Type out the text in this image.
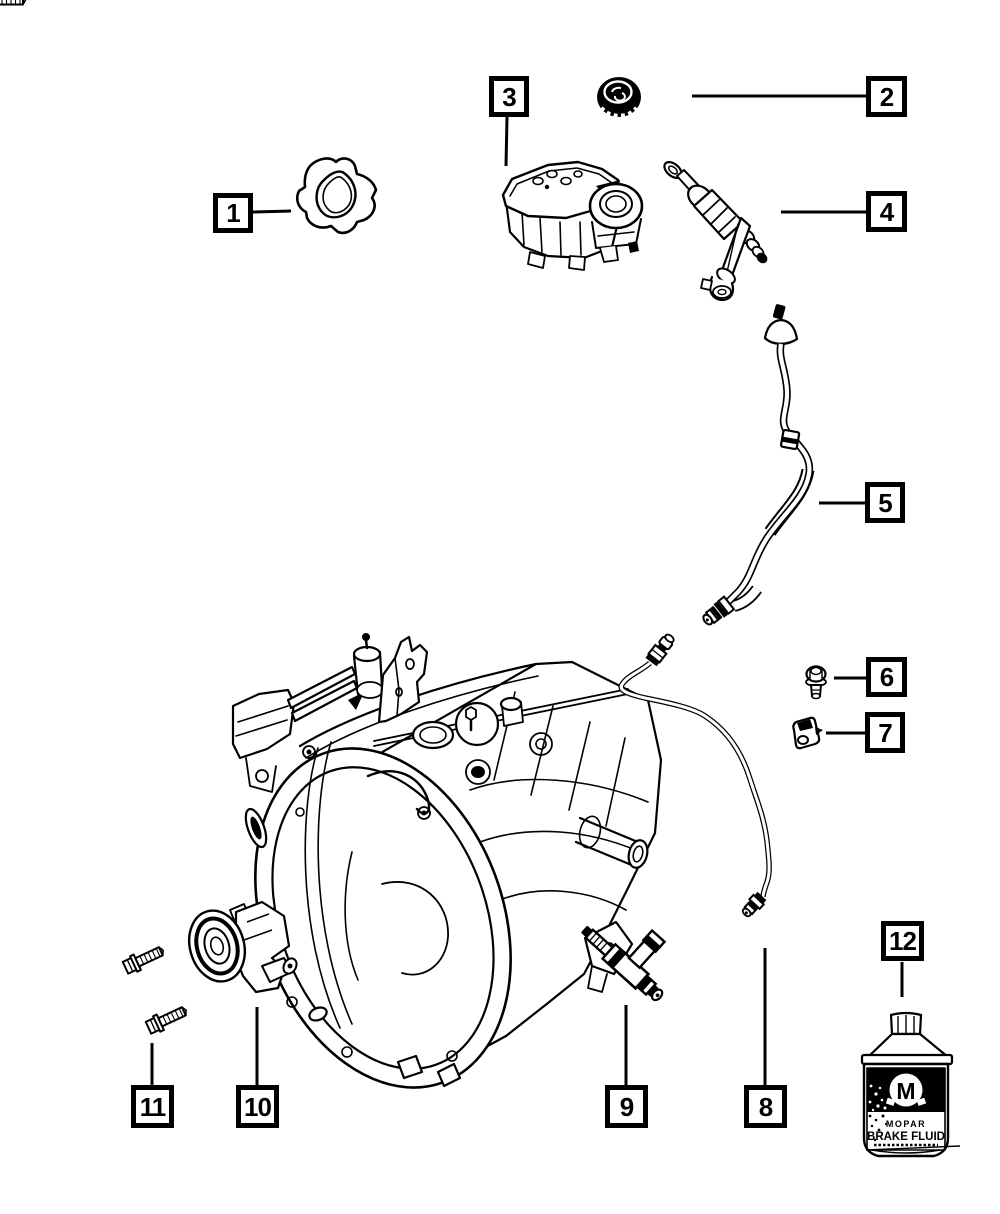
M
MOPAR
BRAKE FLUID
1
2
3
4
5
6
7
8
9
10
11
12
